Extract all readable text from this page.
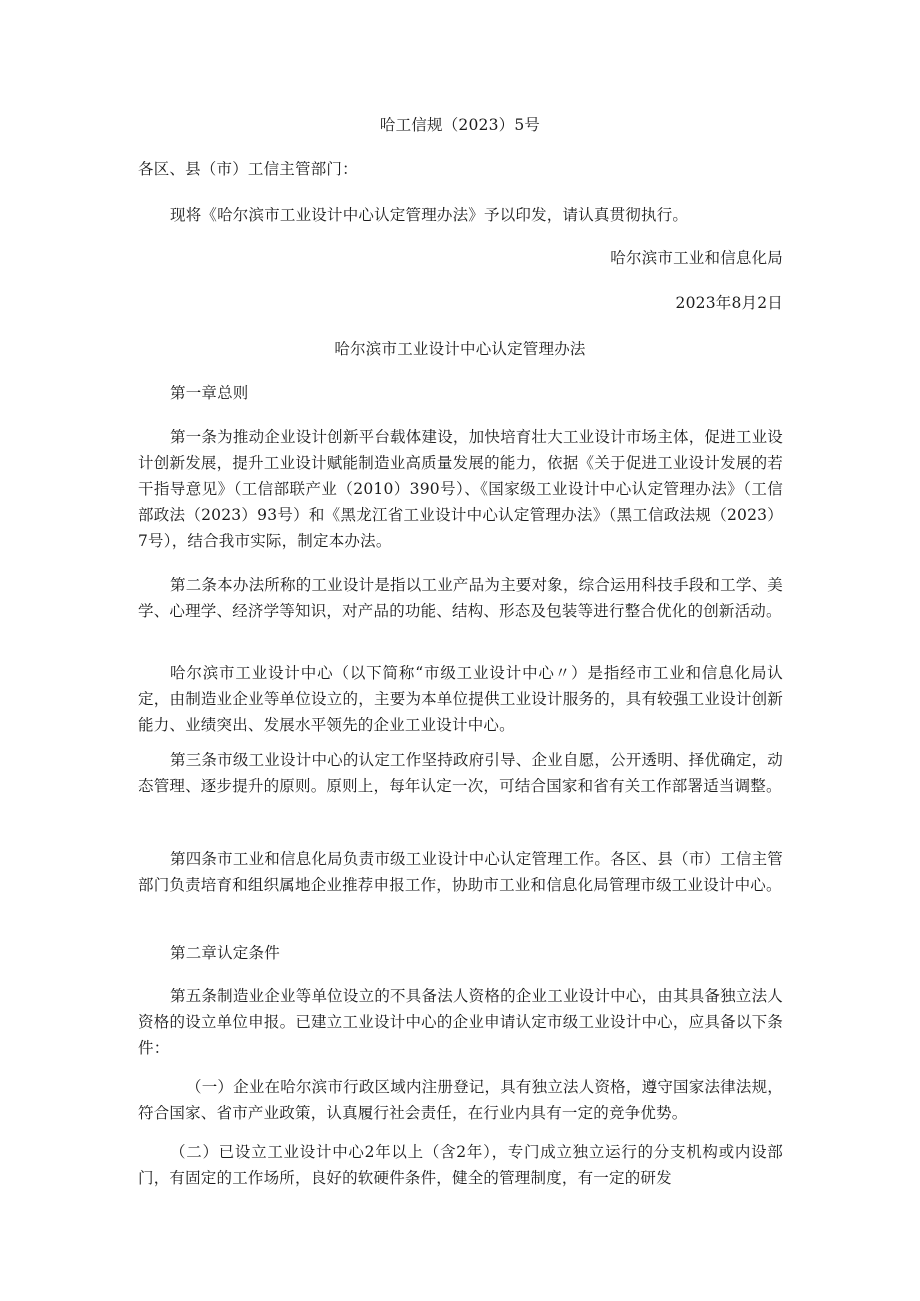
哈工信规（2023）5号
各区、县（市）工信主管部门：
现将《哈尔滨市工业设计中心认定管理办法》予以印发，请认真贯彻执行。
哈尔滨市工业和信息化局
2023年8月2日
哈尔滨市工业设计中心认定管理办法
第一章总则
第一条为推动企业设计创新平台载体建设，加快培育壮大工业设计市场主体，促进工业设计创新发展，提升工业设计赋能制造业高质量发展的能力，依据《关于促进工业设计发展的若干指导意见》（工信部联产业（2010）390号）、《国家级工业设计中心认定管理办法》（工信部政法（2023）93号）和《黑龙江省工业设计中心认定管理办法》（黑工信政法规（2023）7号），结合我市实际，制定本办法。
第二条本办法所称的工业设计是指以工业产品为主要对象，综合运用科技手段和工学、美学、心理学、经济学等知识，对产品的功能、结构、形态及包装等进行整合优化的创新活动。
哈尔滨市工业设计中心（以下简称“市级工业设计中心〃）是指经市工业和信息化局认定，由制造业企业等单位设立的，主要为本单位提供工业设计服务的，具有较强工业设计创新能力、业绩突出、发展水平领先的企业工业设计中心。
第三条市级工业设计中心的认定工作坚持政府引导、企业自愿，公开透明、择优确定，动态管理、逐步提升的原则。原则上，每年认定一次，可结合国家和省有关工作部署适当调整。
第四条市工业和信息化局负责市级工业设计中心认定管理工作。各区、县（市）工信主管部门负责培育和组织属地企业推荐申报工作，协助市工业和信息化局管理市级工业设计中心。
第二章认定条件
第五条制造业企业等单位设立的不具备法人资格的企业工业设计中心，由其具备独立法人资格的设立单位申报。已建立工业设计中心的企业申请认定市级工业设计中心，应具备以下条件：
（一）企业在哈尔滨市行政区域内注册登记，具有独立法人资格，遵守国家法律法规，符合国家、省市产业政策，认真履行社会责任，在行业内具有一定的竞争优势。
（二）已设立工业设计中心2年以上（含2年），专门成立独立运行的分支机构或内设部门，有固定的工作场所，良好的软硬件条件，健全的管理制度，有一定的研发
